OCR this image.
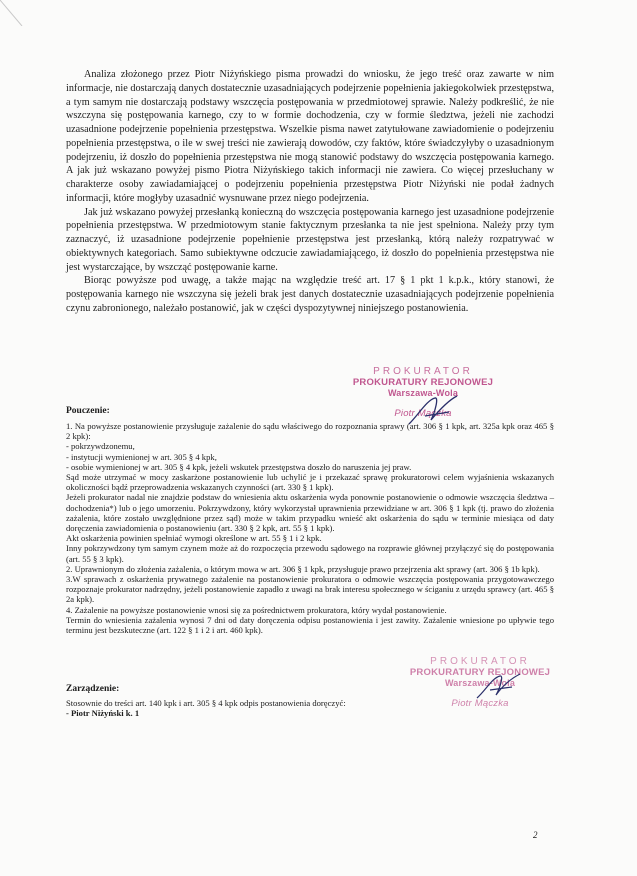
Analiza złożonego przez Piotr Niżyńskiego pisma prowadzi do wniosku, że jego treść oraz zawarte w nim informacje, nie dostarczają danych dostatecznie uzasadniających podejrzenie popełnienia jakiegokolwiek przestępstwa, a tym samym nie dostarczają podstawy wszczęcia postępowania w przedmiotowej sprawie. Należy podkreślić, że nie wszczyna się postępowania karnego, czy to w formie dochodzenia, czy w formie śledztwa, jeżeli nie zachodzi uzasadnione podejrzenie popełnienia przestępstwa. Wszelkie pisma nawet zatytułowane zawiadomienie o podejrzeniu popełnienia przestępstwa, o ile w swej treści nie zawierają dowodów, czy faktów, które świadczyłyby o uzasadnionym podejrzeniu, iż doszło do popełnienia przestępstwa nie mogą stanowić podstawy do wszczęcia postępowania karnego. A jak już wskazano powyżej pismo Piotra Niżyńskiego takich informacji nie zawiera. Co więcej przesłuchany w charakterze osoby zawiadamiającej o podejrzeniu popełnienia przestępstwa Piotr Niżyński nie podał żadnych informacji, które mogłyby uzasadnić wysnuwane przez niego podejrzenia.

Jak już wskazano powyżej przesłanką konieczną do wszczęcia postępowania karnego jest uzasadnione podejrzenie popełnienia przestępstwa. W przedmiotowym stanie faktycznym przesłanka ta nie jest spełniona. Należy przy tym zaznaczyć, iż uzasadnione podejrzenie popełnienie przestępstwa jest przesłanką, którą należy rozpatrywać w obiektywnych kategoriach. Samo subiektywne odczucie zawiadamiającego, iż doszło do popełnienia przestępstwa nie jest wystarczające, by wszcząć postępowanie karne.

Biorąc powyższe pod uwagę, a także mając na względzie treść art. 17 § 1 pkt 1 k.p.k., który stanowi, że postępowania karnego nie wszczyna się jeżeli brak jest danych dostatecznie uzasadniających podejrzenie popełnienia czynu zabronionego, należało postanowić, jak w części dyspozytywnej niniejszego postanowienia.

PROKURATOR
PROKURATURY REJONOWEJ
Warszawa-Wola
Piotr Mączka
Pouczenie:
1. Na powyższe postanowienie przysługuje zażalenie do sądu właściwego do rozpoznania sprawy (art. 306 § 1 kpk, art. 325a kpk oraz 465 § 2 kpk):
- pokrzywdzonemu,
- instytucji wymienionej w art. 305 § 4 kpk,
- osobie wymienionej w art. 305 § 4 kpk, jeżeli wskutek przestępstwa doszło do naruszenia jej praw.
Sąd może utrzymać w mocy zaskarżone postanowienie lub uchylić je i przekazać sprawę prokuratorowi celem wyjaśnienia wskazanych okoliczności bądź przeprowadzenia wskazanych czynności (art. 330 § 1 kpk).
Jeżeli prokurator nadal nie znajdzie podstaw do wniesienia aktu oskarżenia wyda ponownie postanowienie o odmowie wszczęcia śledztwa – dochodzenia*) lub o jego umorzeniu. Pokrzywdzony, który wykorzystał uprawnienia przewidziane w art. 306 § 1 kpk (tj. prawo do złożenia zażalenia, które zostało uwzględnione przez sąd) może w takim przypadku wnieść akt oskarżenia do sądu w terminie miesiąca od daty doręczenia zawiadomienia o postanowieniu (art. 330 § 2 kpk, art. 55 § 1 kpk).
Akt oskarżenia powinien spełniać wymogi określone w art. 55 § 1 i 2 kpk.
Inny pokrzywdzony tym samym czynem może aż do rozpoczęcia przewodu sądowego na rozprawie głównej przyłączyć się do postępowania (art. 55 § 3 kpk).
2. Uprawnionym do złożenia zażalenia, o którym mowa w art. 306 § 1 kpk, przysługuje prawo przejrzenia akt sprawy (art. 306 § 1b kpk).
3.W sprawach z oskarżenia prywatnego zażalenie na postanowienie prokuratora o odmowie wszczęcia postępowania przygotowawczego rozpoznaje prokurator nadrzędny, jeżeli postanowienie zapadło z uwagi na brak interesu społecznego w ściganiu z urzędu sprawcy (art. 465 § 2a kpk).
4. Zażalenie na powyższe postanowienie wnosi się za pośrednictwem prokuratora, który wydał postanowienie.
Termin do wniesienia zażalenia wynosi 7 dni od daty doręczenia odpisu postanowienia i jest zawity. Zażalenie wniesione po upływie tego terminu jest bezskuteczne (art. 122 § 1 i 2 i art. 460 kpk).
PROKURATOR
PROKURATURY REJONOWEJ
Warszawa-Wola
Piotr Mączka
Zarządzenie:
Stosownie do treści art. 140 kpk i art. 305 § 4 kpk odpis postanowienia doręczyć:
- Piotr Niżyński k. 1
2
